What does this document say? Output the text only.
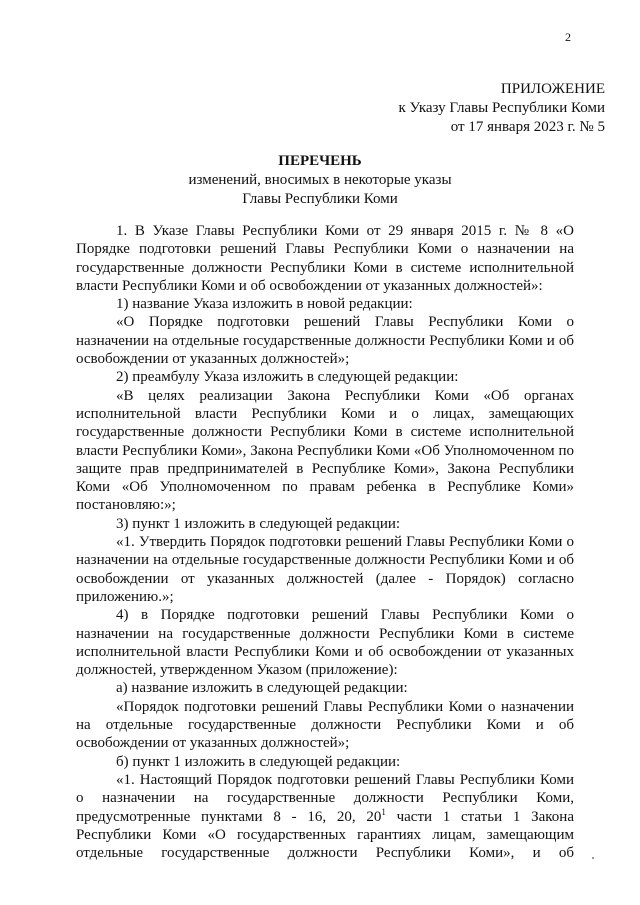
2
ПРИЛОЖЕНИЕ
к Указу Главы Республики Коми
от 17 января 2023 г. № 5
ПЕРЕЧЕНЬ
изменений, вносимых в некоторые указы
Главы Республики Коми

1. В Указе Главы Республики Коми от 29 января 2015 г. № 8 «О Порядке подготовки решений Главы Республики Коми о назначении на государственные должности Республики Коми в системе исполнительной власти Республики Коми и об освобождении от указанных должностей»:

1) название Указа изложить в новой редакции:

«О Порядке подготовки решений Главы Республики Коми о назначении на отдельные государственные должности Республики Коми и об освобождении от указанных должностей»;

2) преамбулу Указа изложить в следующей редакции:

«В целях реализации Закона Республики Коми «Об органах исполнительной власти Республики Коми и о лицах, замещающих государственные должности Республики Коми в системе исполнительной власти Республики Коми», Закона Республики Коми «Об Уполномоченном по защите прав предпринимателей в Республике Коми», Закона Республики Коми «Об Уполномоченном по правам ребенка в Республике Коми» постановляю:»;

3) пункт 1 изложить в следующей редакции:

«1. Утвердить Порядок подготовки решений Главы Республики Коми о назначении на отдельные государственные должности Республики Коми и об освобождении от указанных должностей (далее - Порядок) согласно приложению.»;

4) в Порядке подготовки решений Главы Республики Коми о назначении на государственные должности Республики Коми в системе исполнительной власти Республики Коми и об освобождении от указанных должностей, утвержденном Указом (приложение):

а) название изложить в следующей редакции:

«Порядок подготовки решений Главы Республики Коми о назначении на отдельные государственные должности Республики Коми и об освобождении от указанных должностей»;

б) пункт 1 изложить в следующей редакции:

«1. Настоящий Порядок подготовки решений Главы Республики Коми о назначении на государственные должности Республики Коми, предусмотренные пунктами 8 - 16, 20, $20^1$ части 1 статьи 1 Закона Республики Коми «О государственных гарантиях лицам, замещающим отдельные государственные должности Республики Коми», и об
